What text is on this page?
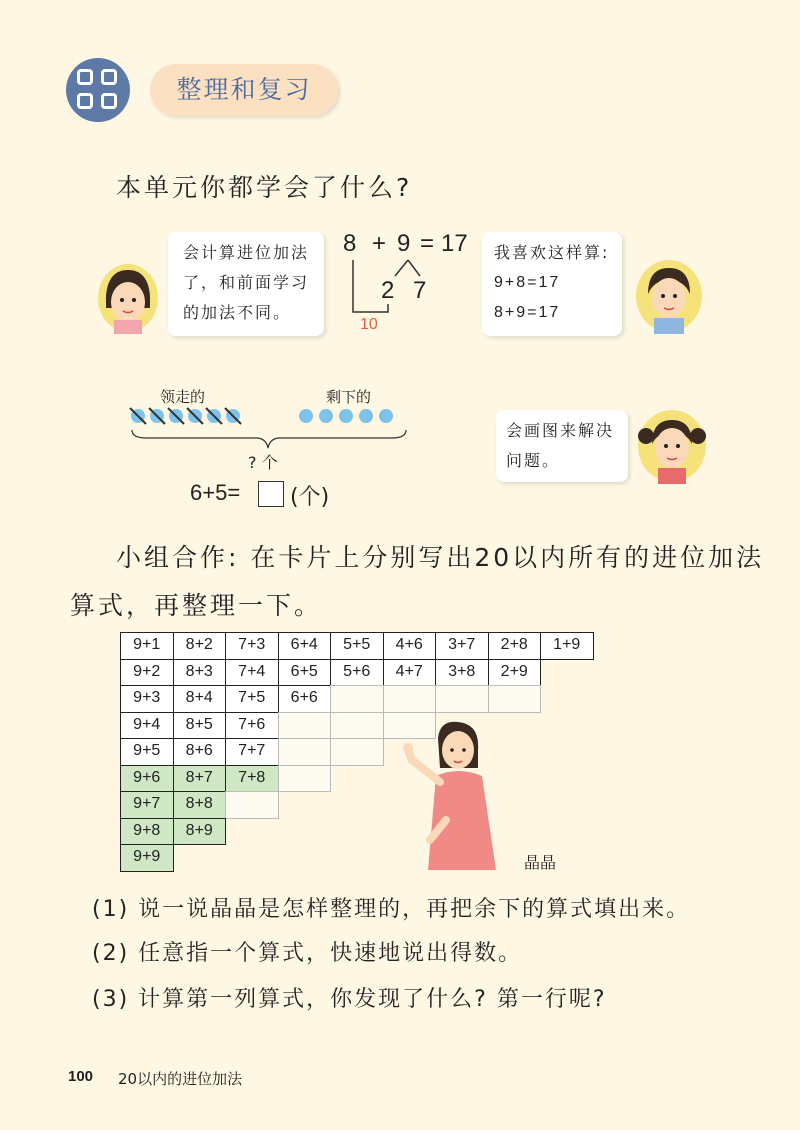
整理和复习
本单元你都学会了什么?
会计算进位加法
了，和前面学习
的加法不同。
8 + 9 = 17
2 7
10
我喜欢这样算:
9+8=17
8+9=17
领走的	剩下的
? 个
6+5= (个)
会画图来解决
问题。
小组合作: 在卡片上分别写出20以内所有的进位加法
算式，再整理一下。
9+1	8+2	7+3	6+4	5+5	4+6	3+7	2+8	1+9
9+2	8+3	7+4	6+5	5+6	4+7	3+8	2+9
9+3	8+4	7+5	6+6
9+4	8+5	7+6
9+5	8+6	7+7
9+6	8+7	7+8
9+7	8+8
9+8	8+9
9+9	晶晶
(1) 说一说晶晶是怎样整理的，再把余下的算式填出来。
(2) 任意指一个算式，快速地说出得数。
(3) 计算第一列算式，你发现了什么? 第一行呢?
100 20以内的进位加法
